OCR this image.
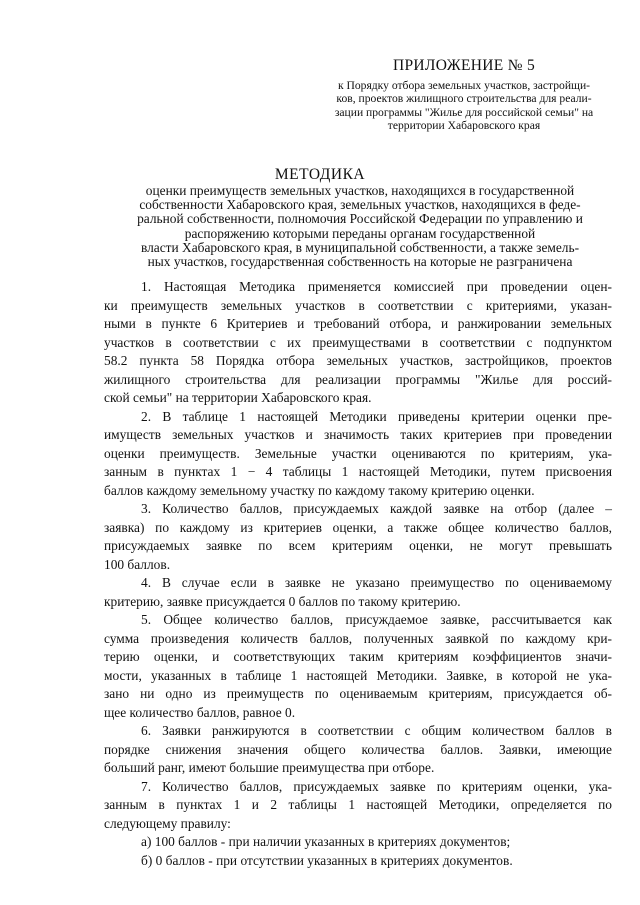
ПРИЛОЖЕНИЕ № 5
к Порядку отбора земельных участков, застройщи-
ков, проектов жилищного строительства для реали-
зации программы "Жилье для российской семьи" на
территории Хабаровского края
МЕТОДИКА
оценки преимуществ земельных участков, находящихся в государственной
собственности Хабаровского края, земельных участков, находящихся в феде-
ральной собственности, полномочия Российской Федерации по управлению и
распоряжению которыми переданы органам государственной
власти Хабаровского края, в муниципальной собственности, а также земель-
ных участков, государственная собственность на которые не разграничена
1. Настоящая Методика применяется комиссией при проведении оцен-
ки преимуществ земельных участков в соответствии с критериями, указан-
ными в пункте 6 Критериев и требований отбора, и ранжировании земельных
участков в соответствии с их преимуществами в соответствии с подпунктом
58.2 пункта 58 Порядка отбора земельных участков, застройщиков, проектов
жилищного строительства для реализации программы "Жилье для россий-
ской семьи" на территории Хабаровского края.
2. В таблице 1 настоящей Методики приведены критерии оценки пре-
имуществ земельных участков и значимость таких критериев при проведении
оценки преимуществ. Земельные участки оцениваются по критериям, ука-
занным в пунктах 1 − 4 таблицы 1 настоящей Методики, путем присвоения
баллов каждому земельному участку по каждому такому критерию оценки.
3. Количество баллов, присуждаемых каждой заявке на отбор (далее –
заявка) по каждому из критериев оценки, а также общее количество баллов,
присуждаемых заявке по всем критериям оценки, не могут превышать
100 баллов.
4. В случае если в заявке не указано преимущество по оцениваемому
критерию, заявке присуждается 0 баллов по такому критерию.
5. Общее количество баллов, присуждаемое заявке, рассчитывается как
сумма произведения количеств баллов, полученных заявкой по каждому кри-
терию оценки, и соответствующих таким критериям коэффициентов значи-
мости, указанных в таблице 1 настоящей Методики. Заявке, в которой не ука-
зано ни одно из преимуществ по оцениваемым критериям, присуждается об-
щее количество баллов, равное 0.
6. Заявки ранжируются в соответствии с общим количеством баллов в
порядке снижения значения общего количества баллов. Заявки, имеющие
больший ранг, имеют большие преимущества при отборе.
7. Количество баллов, присуждаемых заявке по критериям оценки, ука-
занным в пунктах 1 и 2 таблицы 1 настоящей Методики, определяется по
следующему правилу:
а) 100 баллов - при наличии указанных в критериях документов;
б) 0 баллов - при отсутствии указанных в критериях документов.
